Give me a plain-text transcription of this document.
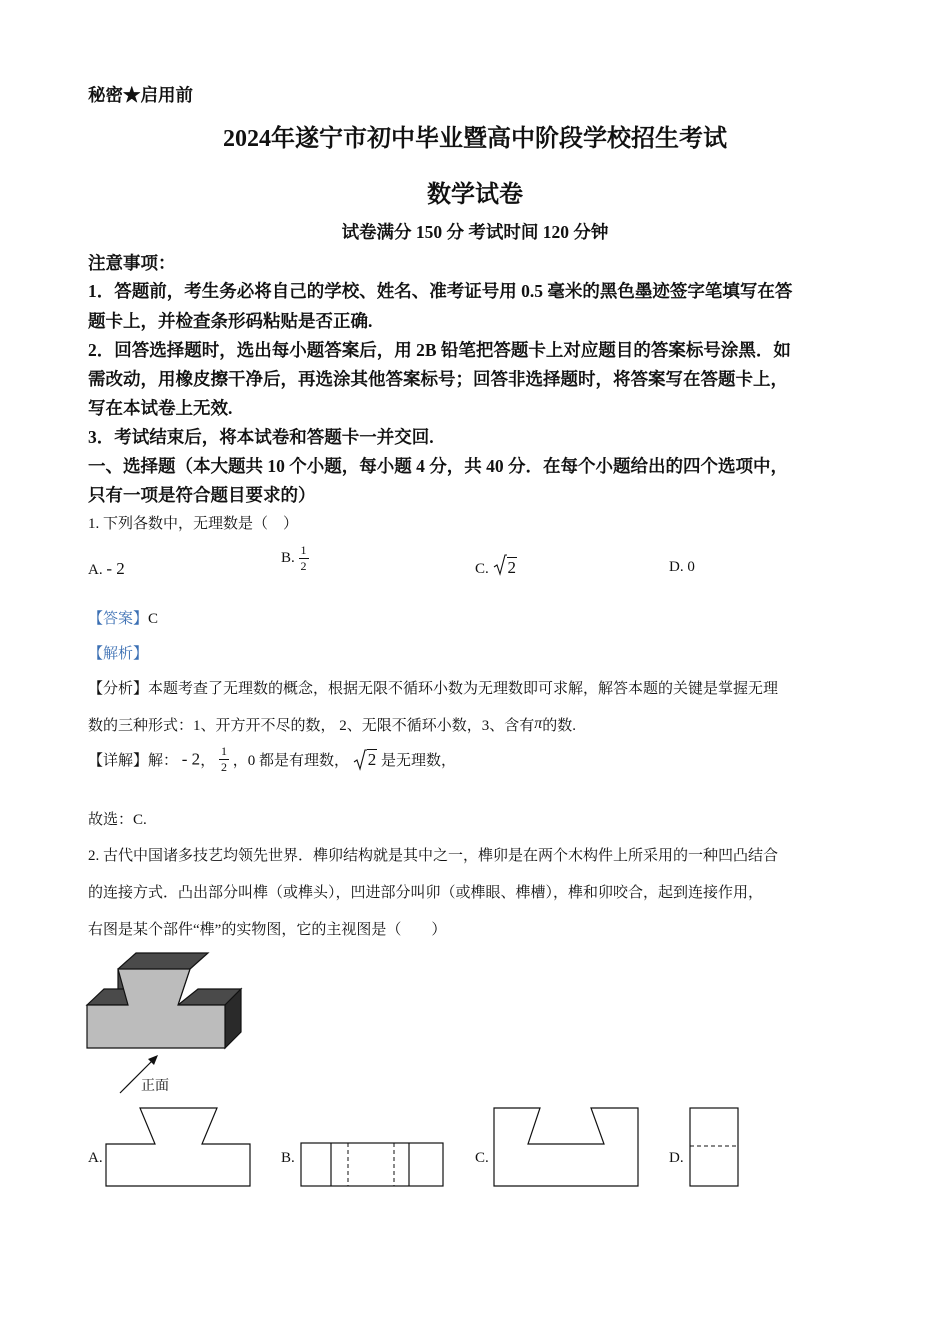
秘密★启用前
2024年遂宁市初中毕业暨高中阶段学校招生考试
数学试卷
试卷满分 150 分 考试时间 120 分钟
注意事项：
1．答题前，考生务必将自己的学校、姓名、准考证号用 0.5 毫米的黑色墨迹签字笔填写在答
题卡上，并检查条形码粘贴是否正确.
2．回答选择题时，选出每小题答案后，用 2B 铅笔把答题卡上对应题目的答案标号涂黑．如
需改动，用橡皮擦干净后，再选涂其他答案标号；回答非选择题时，将答案写在答题卡上，
写在本试卷上无效.
3．考试结束后，将本试卷和答题卡一并交回.
一、选择题（本大题共 10 个小题，每小题 4 分，共 40 分．在每个小题给出的四个选项中，
只有一项是符合题目要求的）
1. 下列各数中，无理数是（　）
A. - 2
B. $\frac{1}{2}$	C. 2	D. 0
【答案】C
【解析】
【分析】本题考查了无理数的概念，根据无限不循环小数为无理数即可求解，解答本题的关键是掌握无理
数的三种形式：1、开方开不尽的数， 2、无限不循环小数，3、含有π的数.
【详解】解： - 2， $\frac{1}{2}$ ，0 都是有理数， 2 是无理数，
故选：C.
2. 古代中国诸多技艺均领先世界．榫卯结构就是其中之一，榫卯是在两个木构件上所采用的一种凹凸结合
的连接方式．凸出部分叫榫（或榫头），凹进部分叫卯（或榫眼、榫槽），榫和卯咬合，起到连接作用，
右图是某个部件“榫”的实物图，它的主视图是（　　）
正面
A.	B.	C.	D.
